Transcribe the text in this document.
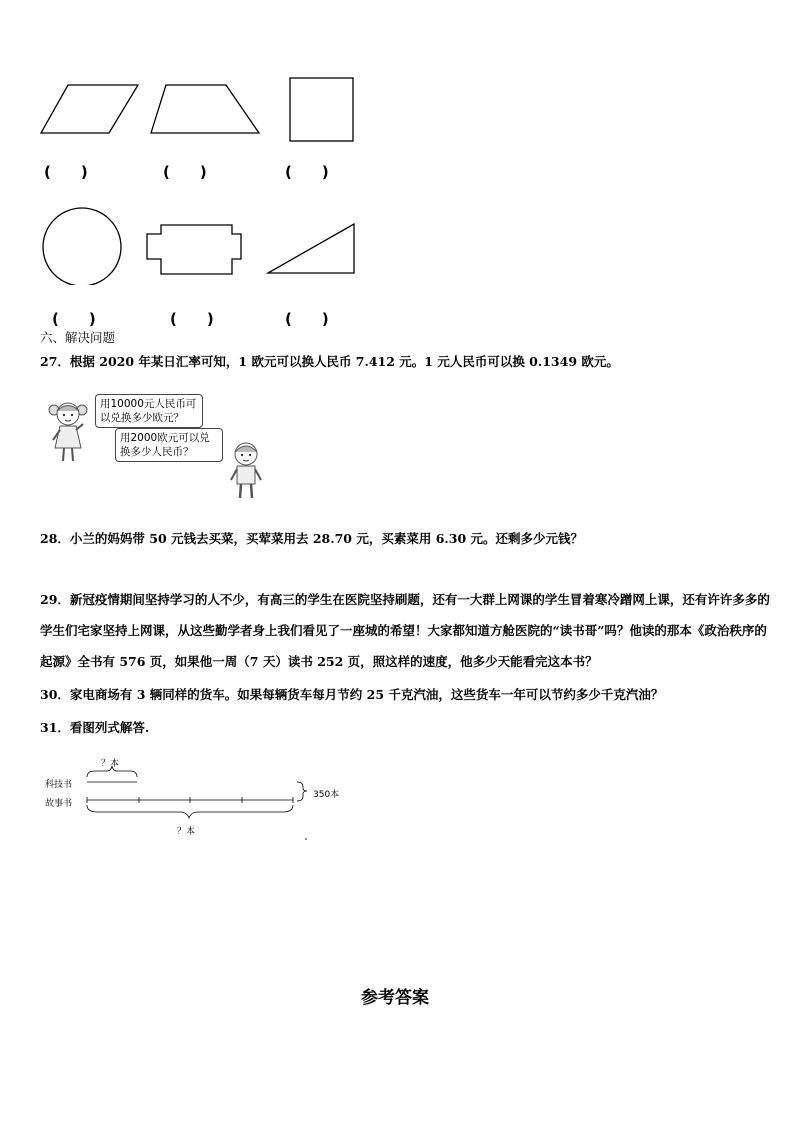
(　　)	(　　)	(　　)
(　　)	(　　)	(　　)
六、解决问题
27．根据 2020 年某日汇率可知，1 欧元可以换人民币 7.412 元。1 元人民币可以换 0.1349 欧元。
用10000元人民币可
以兑换多少欧元？
用2000欧元可以兑
换多少人民币？
28．小兰的妈妈带 50 元钱去买菜，买荤菜用去 28.70 元，买素菜用 6.30 元。还剩多少元钱？
29．新冠疫情期间坚持学习的人不少，有高三的学生在医院坚持刷题，还有一大群上网课的学生冒着寒冷蹭网上课，还有许许多多的学生们宅家坚持上网课，从这些勤学者身上我们看见了一座城的希望！大家都知道方舱医院的“读书哥”吗？他读的那本《政治秩序的起源》全书有 576 页，如果他一周（7 天）读书 252 页，照这样的速度，他多少天能看完这本书？
30．家电商场有 3 辆同样的货车。如果每辆货车每月节约 25 千克汽油，这些货车一年可以节约多少千克汽油？
31．看图列式解答.
？本
科技书
故事书
350本
？本
参考答案
